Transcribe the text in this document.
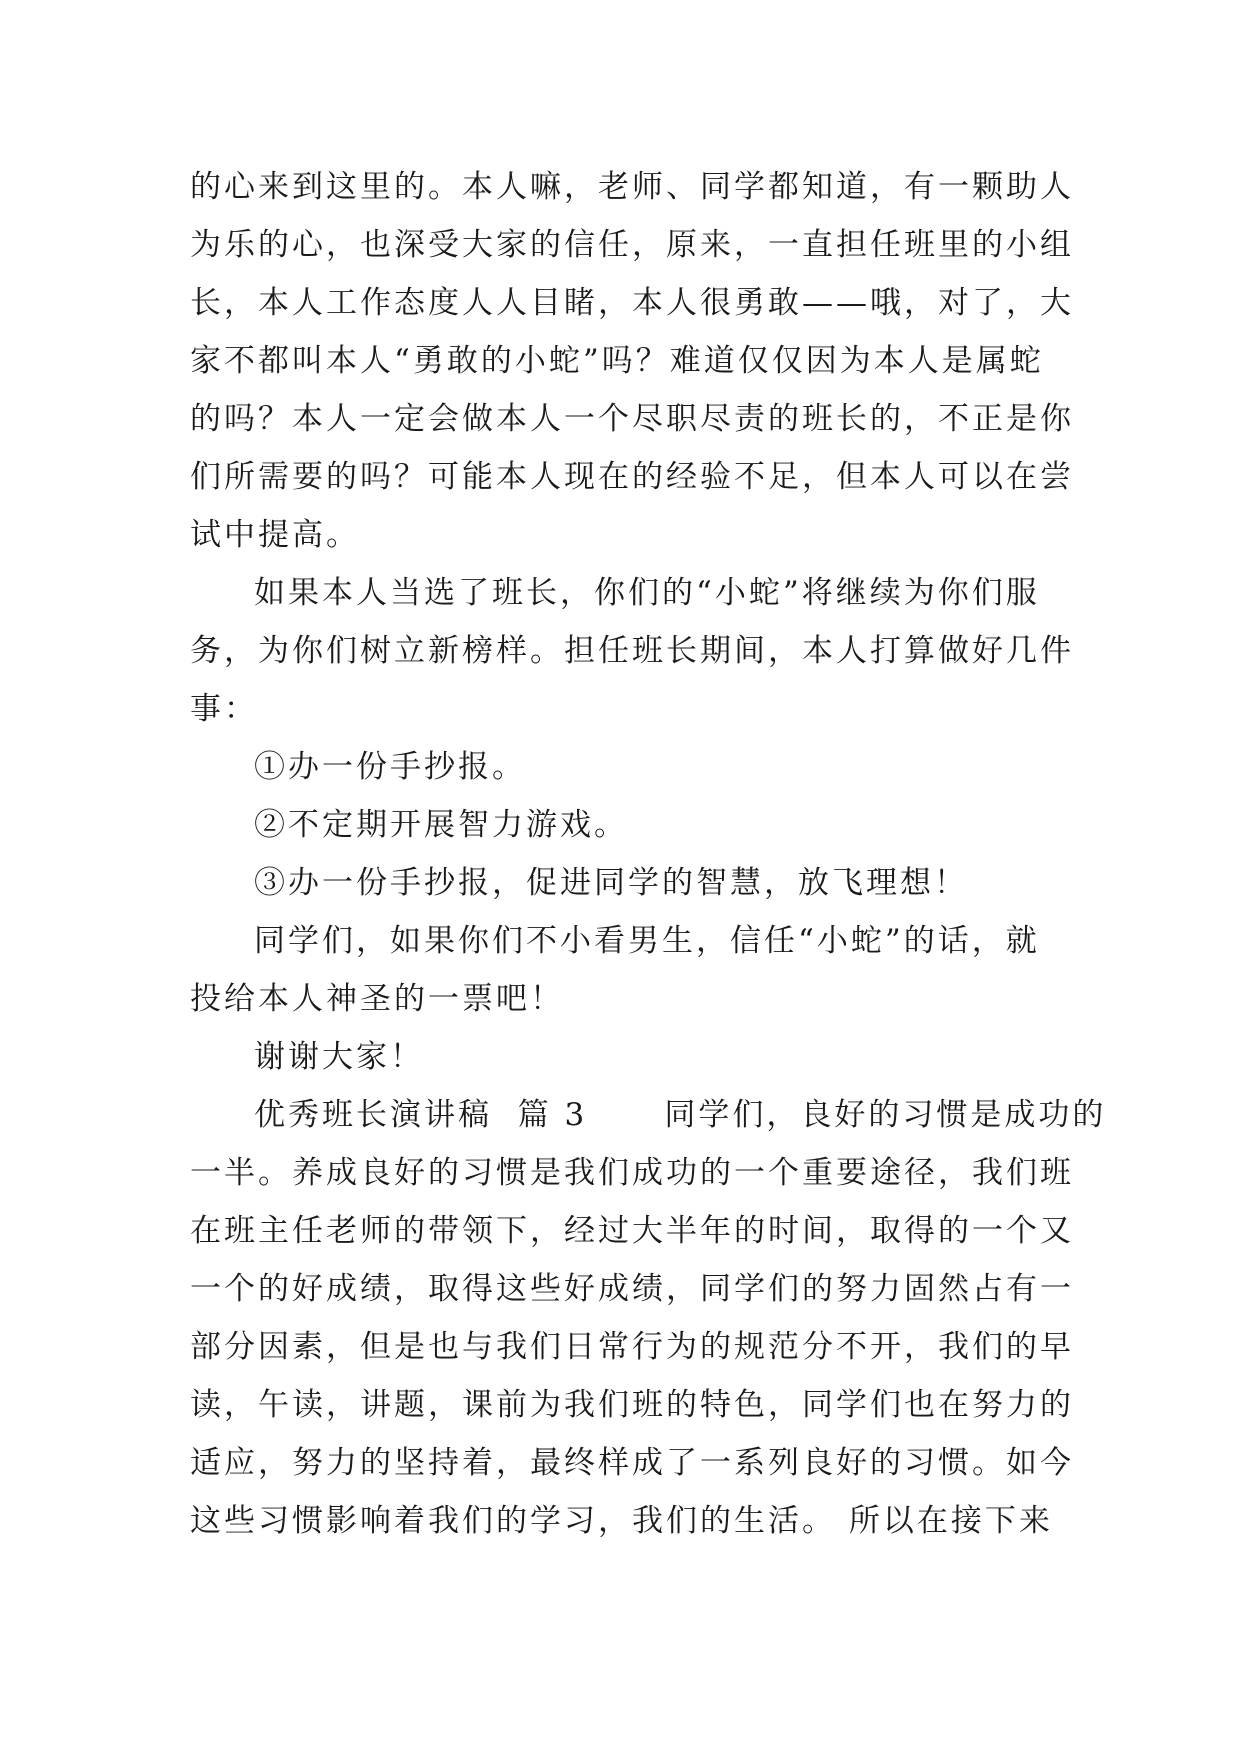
的心来到这里的。本人嘛，老师、同学都知道，有一颗助人
为乐的心，也深受大家的信任，原来，一直担任班里的小组
长，本人工作态度人人目睹，本人很勇敢——哦，对了，大
家不都叫本人“勇敢的小蛇”吗？难道仅仅因为本人是属蛇
的吗？本人一定会做本人一个尽职尽责的班长的，不正是你
们所需要的吗？可能本人现在的经验不足，但本人可以在尝
试中提高。
如果本人当选了班长，你们的“小蛇”将继续为你们服
务，为你们树立新榜样。担任班长期间，本人打算做好几件
事：
①办一份手抄报。
②不定期开展智力游戏。
③办一份手抄报，促进同学的智慧，放飞理想！
同学们，如果你们不小看男生，信任“小蛇”的话，就
投给本人神圣的一票吧！
谢谢大家！
优秀班长演讲稿  篇 3      同学们，良好的习惯是成功的
一半。养成良好的习惯是我们成功的一个重要途径，我们班
在班主任老师的带领下，经过大半年的时间，取得的一个又
一个的好成绩，取得这些好成绩，同学们的努力固然占有一
部分因素，但是也与我们日常行为的规范分不开，我们的早
读，午读，讲题，课前为我们班的特色，同学们也在努力的
适应，努力的坚持着，最终样成了一系列良好的习惯。如今
这些习惯影响着我们的学习，我们的生活。 所以在接下来
